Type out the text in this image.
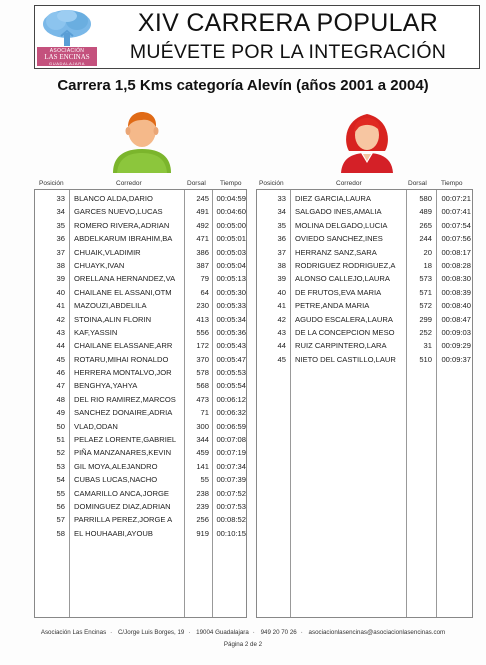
ASOCIACIÓN
LAS ENCINAS
GUADALAJARA
XIV CARRERA POPULAR
MUÉVETE POR LA INTEGRACIÓN
Carrera 1,5 Kms categoría Alevín (años 2001 a 2004)
Posición	Corredor	Dorsal Tiempo	Posición	Corredor	Dorsal Tiempo
33 BLANCO ALDA,DARIO	245 00:04:59
34 GARCES NUEVO,LUCAS	491 00:04:60
35 ROMERO RIVERA,ADRIAN	492 00:05:00
36 ABDELKARUM IBRAHIM,BA	471 00:05:01
37 CHUAIK,VLADIMIR	386 00:05:03
38 CHUAYK,IVAN	387 00:05:04
39 ORELLANA HERNANDEZ,VA	79 00:05:13
40 CHAILANE EL ASSANI,OTM	64 00:05:30
41 MAZOUZI,ABDELILA	230 00:05:33
42 STOINA,ALIN FLORIN	413 00:05:34
43 KAF,YASSIN	556 00:05:36
44 CHAILANE ELASSANE,ARR	172 00:05:43
45 ROTARU,MIHAI RONALDO	370 00:05:47
46 HERRERA MONTALVO,JOR	578 00:05:53
47 BENGHYA,YAHYA	568 00:05:54
48 DEL RIO RAMIREZ,MARCOS	473 00:06:12
49 SANCHEZ DONAIRE,ADRIA	71 00:06:32
50 VLAD,ODAN	300 00:06:59
51 PELAEZ LORENTE,GABRIEL	344 00:07:08
52 PIÑA MANZANARES,KEVIN	459 00:07:19
53 GIL MOYA,ALEJANDRO	141 00:07:34
54 CUBAS LUCAS,NACHO	55 00:07:39
55 CAMARILLO ANCA,JORGE	238 00:07:52
56 DOMINGUEZ DIAZ,ADRIAN	239 00:07:53
57 PARRILLA PEREZ,JORGE A	256 00:08:52
58 EL HOUHAABI,AYOUB	919 00:10:15
33 DIEZ GARCIA,LAURA	580	00:07:21
34 SALGADO INES,AMALIA	489	00:07:41
35 MOLINA DELGADO,LUCIA	265	00:07:54
36 OVIEDO SANCHEZ,INES	244	00:07:56
37 HERRANZ SANZ,SARA	20	00:08:17
38 RODRIGUEZ RODRIGUEZ,A	18	00:08:28
39 ALONSO CALLEJO,LAURA	573	00:08:30
40 DE FRUTOS,EVA MARIA	571	00:08:39
41 PETRE,ANDA MARIA	572	00:08:40
42 AGUDO ESCALERA,LAURA	299	00:08:47
43 DE LA CONCEPCION MESO	252	00:09:03
44 RUIZ CARPINTERO,LARA	31	00:09:29
45 NIETO DEL CASTILLO,LAUR	510	00:09:37
Asociación Las Encinas · C/Jorge Luis Borges, 19 · 19004 Guadalajara · 949 20 70 26 · asociacionlasencinas@asociacionlasencinas.com
Página 2 de 2
